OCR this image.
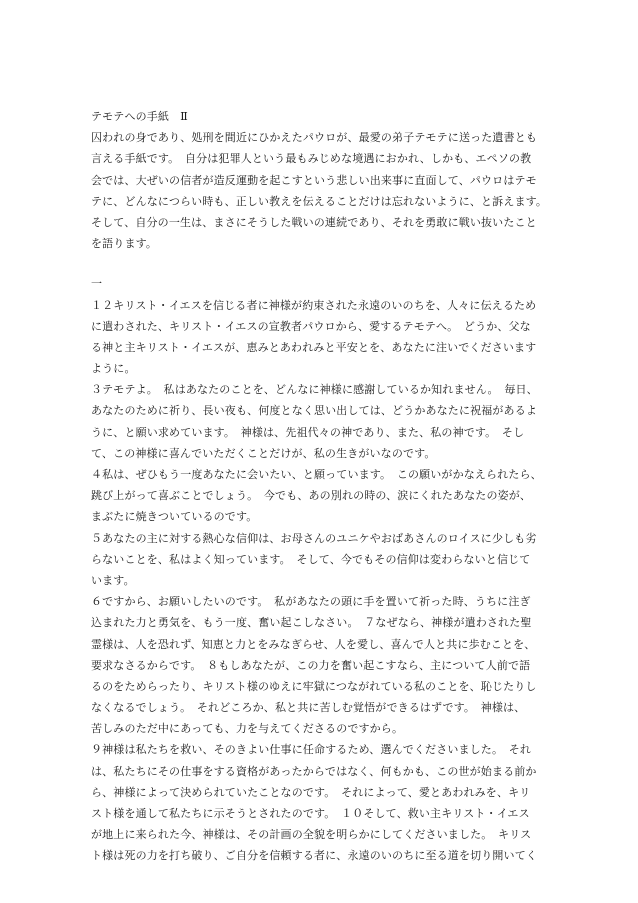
テモテへの手紙　Ⅱ
囚われの身であり、処刑を間近にひかえたパウロが、最愛の弟子テモテに送った遺書とも
言える手紙です。　自分は犯罪人という最もみじめな境遇におかれ、しかも、エペソの教
会では、大ぜいの信者が造反運動を起こすという悲しい出来事に直面して、パウロはテモ
テに、どんなにつらい時も、正しい教えを伝えることだけは忘れないように、と訴えます。
そして、自分の一生は、まさにそうした戦いの連続であり、それを勇敢に戦い抜いたこと
を語ります。
一
１２キリスト・イエスを信じる者に神様が約束された永遠のいのちを、人々に伝えるため
に遣わされた、キリスト・イエスの宣教者パウロから、愛するテモテへ。　どうか、父な
る神と主キリスト・イエスが、恵みとあわれみと平安とを、あなたに注いでくださいます
ように。
３テモテよ。　私はあなたのことを、どんなに神様に感謝しているか知れません。　毎日、
あなたのために祈り、長い夜も、何度となく思い出しては、どうかあなたに祝福があるよ
うに、と願い求めています。　神様は、先祖代々の神であり、また、私の神です。　そし
て、この神様に喜んでいただくことだけが、私の生きがいなのです。
４私は、ぜひもう一度あなたに会いたい、と願っています。　この願いがかなえられたら、
跳び上がって喜ぶことでしょう。　今でも、あの別れの時の、涙にくれたあなたの姿が、
まぶたに焼きついているのです。
５あなたの主に対する熱心な信仰は、お母さんのユニケやおばあさんのロイスに少しも劣
らないことを、私はよく知っています。　そして、今でもその信仰は変わらないと信じて
います。
６ですから、お願いしたいのです。　私があなたの頭に手を置いて祈った時、うちに注ぎ
込まれた力と勇気を、もう一度、奮い起こしなさい。　７なぜなら、神様が遣わされた聖
霊様は、人を恐れず、知恵と力とをみなぎらせ、人を愛し、喜んで人と共に歩むことを、
要求なさるからです。　８もしあなたが、この力を奮い起こすなら、主について人前で語
るのをためらったり、キリスト様のゆえに牢獄につながれている私のことを、恥じたりし
なくなるでしょう。　それどころか、私と共に苦しむ覚悟ができるはずです。　神様は、
苦しみのただ中にあっても、力を与えてくださるのですから。
９神様は私たちを救い、そのきよい仕事に任命するため、選んでくださいました。　それ
は、私たちにその仕事をする資格があったからではなく、何もかも、この世が始まる前か
ら、神様によって決められていたことなのです。　それによって、愛とあわれみを、キリ
スト様を通して私たちに示そうとされたのです。　１０そして、救い主キリスト・イエス
が地上に来られた今、神様は、その計画の全貌を明らかにしてくださいました。　キリス
ト様は死の力を打ち破り、ご自分を信頼する者に、永遠のいのちに至る道を切り開いてく
